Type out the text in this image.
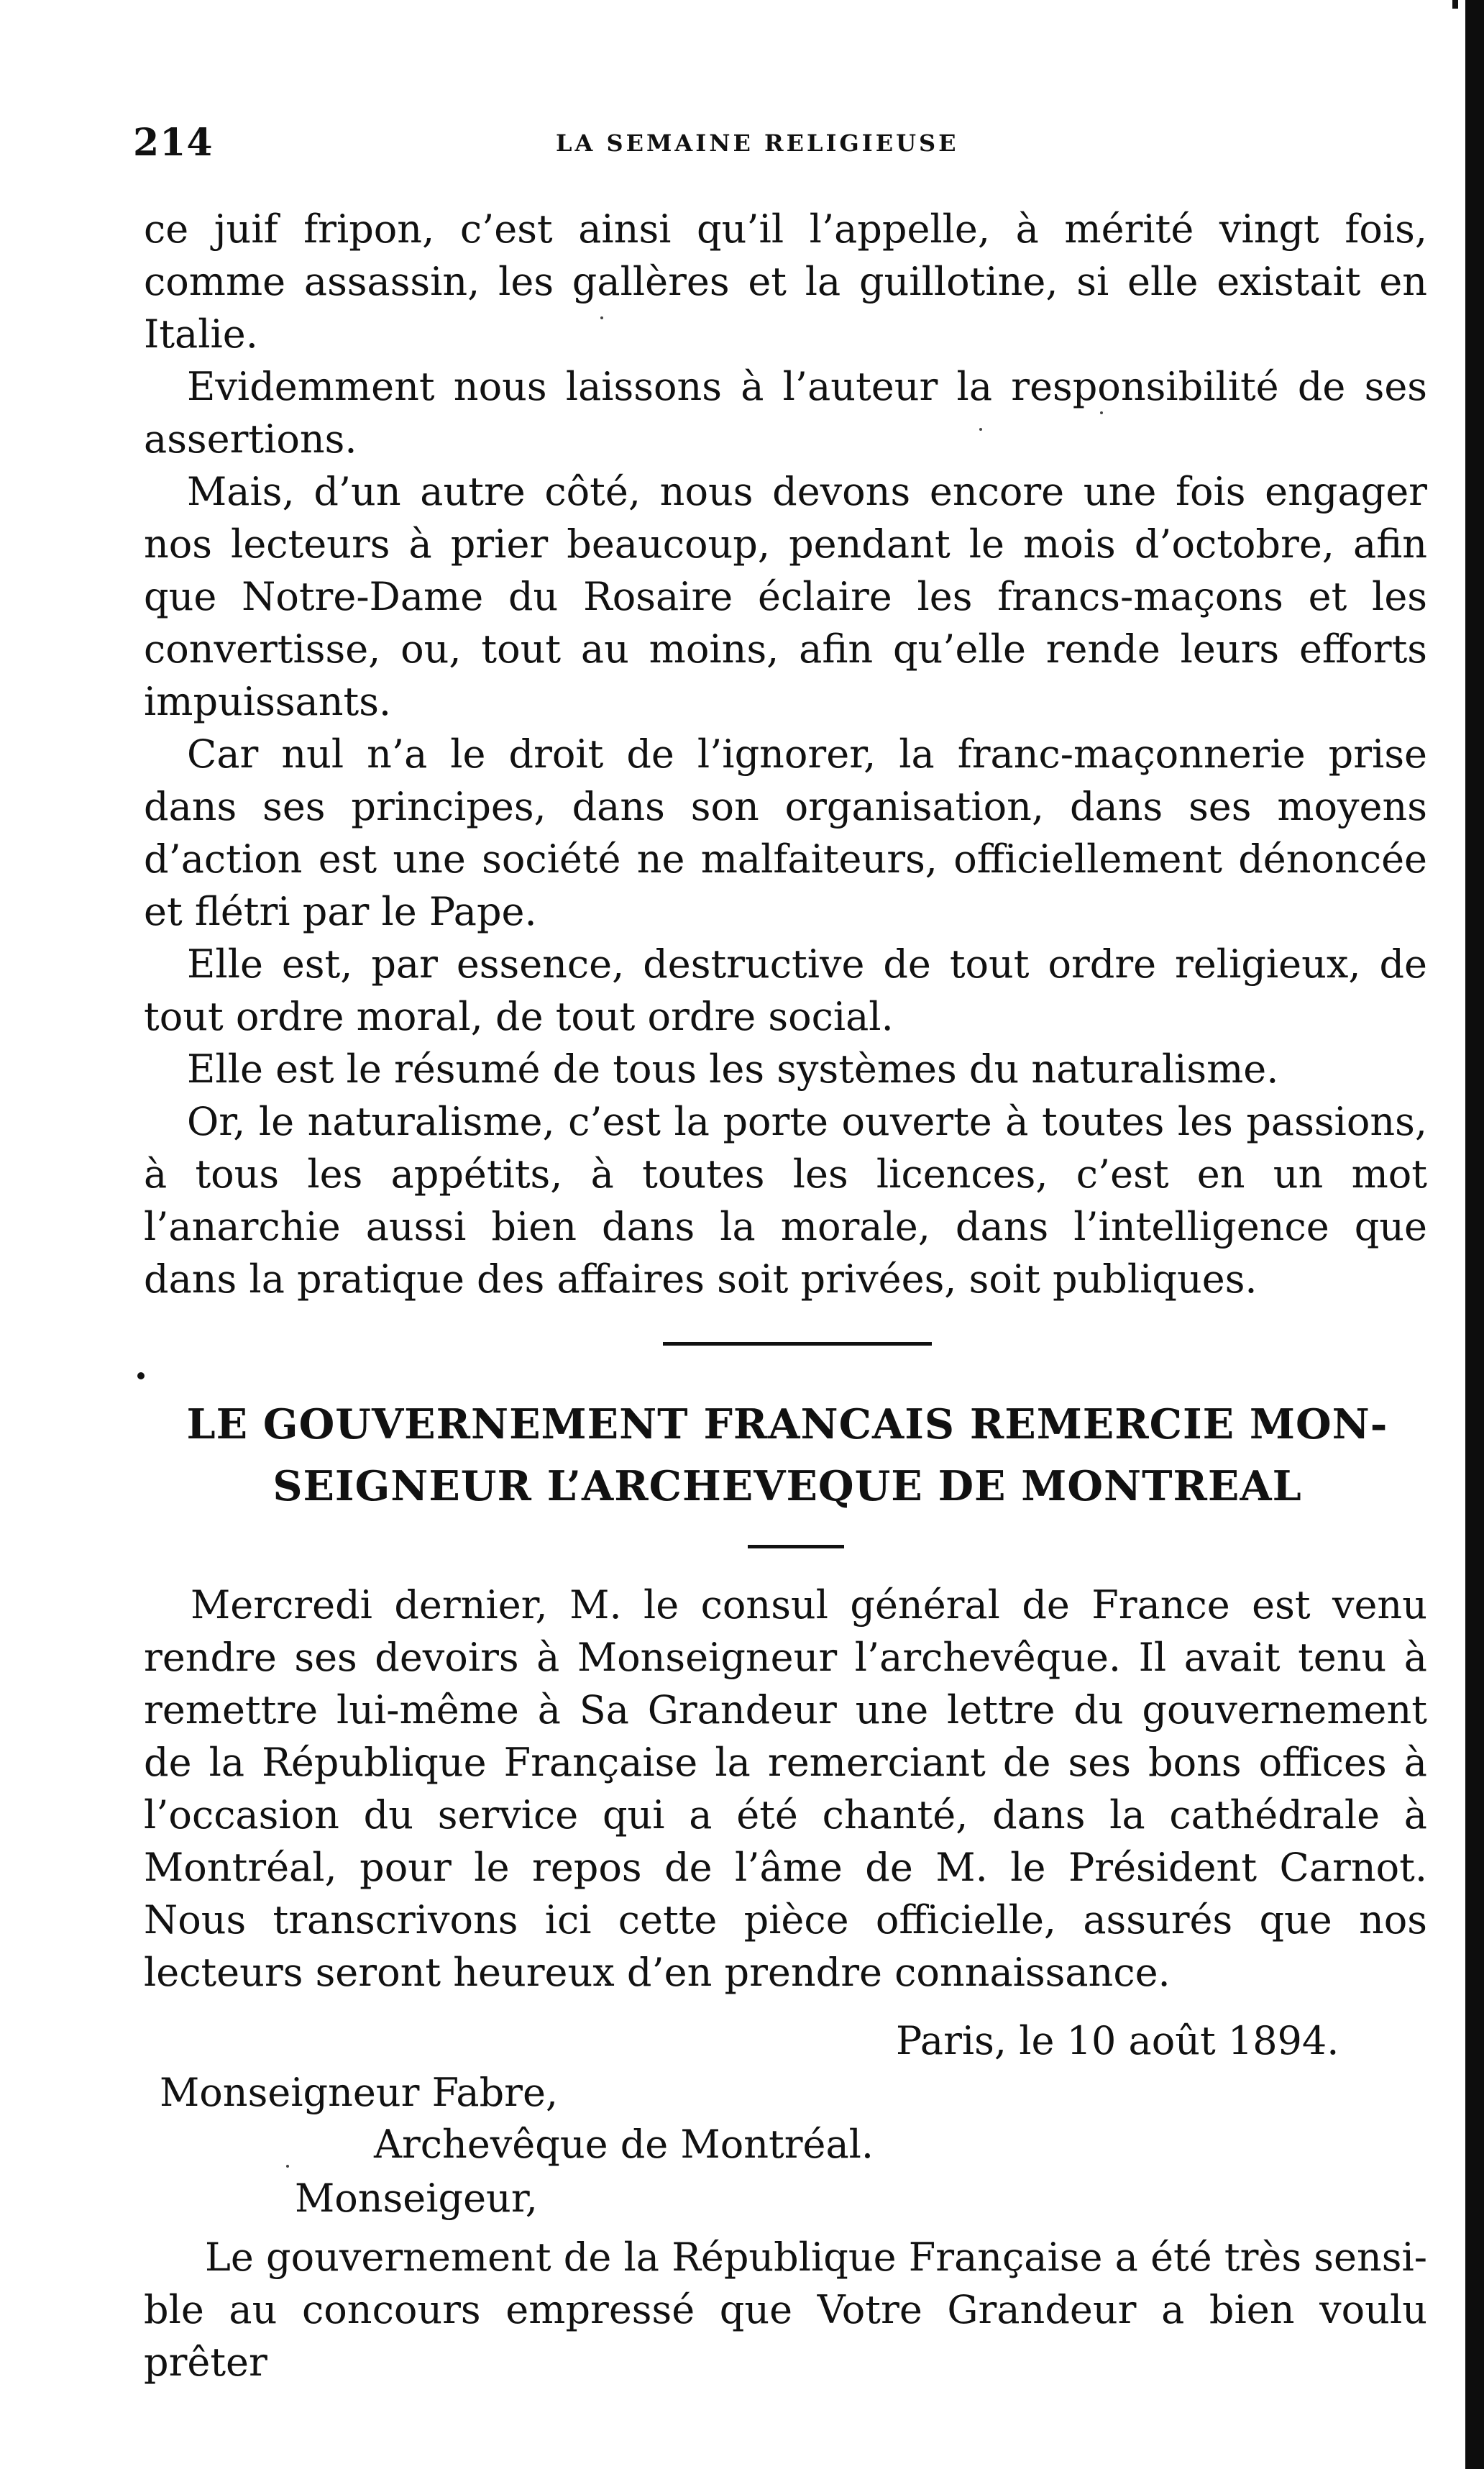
214	LA SEMAINE RELIGIEUSE

ce juif fripon, c’est ainsi qu’il l’appelle, à mérité vingt fois, comme assassin, les gallères et la guillotine, si elle existait en Italie.

Evidemment nous laissons à l’auteur la responsibilité de ses assertions.

Mais, d’un autre côté, nous devons encore une fois engager nos lecteurs à prier beaucoup, pendant le mois d’octobre, afin que Notre-Dame du Rosaire éclaire les francs-maçons et les convertisse, ou, tout au moins, afin qu’elle rende leurs efforts impuissants.

Car nul n’a le droit de l’ignorer, la franc-maçonnerie prise dans ses principes, dans son organisation, dans ses moyens d’action est une société ne malfaiteurs, officiellement dénoncée et flétri par le Pape.

Elle est, par essence, destructive de tout ordre religieux, de tout ordre moral, de tout ordre social.

Elle est le résumé de tous les systèmes du naturalisme.

Or, le naturalisme, c’est la porte ouverte à toutes les passions, à tous les appétits, à toutes les licences, c’est en un mot l’anarchie aussi bien dans la morale, dans l’intelligence que dans la pratique des affaires soit privées, soit publiques.

LE GOUVERNEMENT FRANCAIS REMERCIE MON-
SEIGNEUR L’ARCHEVEQUE DE MONTREAL

Mercredi dernier, M. le consul général de France est venu rendre ses devoirs à Monseigneur l’archevêque. Il avait tenu à remettre lui-même à Sa Grandeur une lettre du gouvernement de la République Française la remerciant de ses bons offices à l’occasion du service qui a été chanté, dans la cathédrale à Montréal, pour le repos de l’âme de M. le Président Carnot. Nous transcrivons ici cette pièce officielle, assurés que nos lecteurs seront heureux d’en prendre connaissance.

Paris, le 10 août 1894.
Monseigneur Fabre,
Archevêque de Montréal.
Monseigeur,

Le gouvernement de la République Française a été très sensi-

ble au concours empressé que Votre Grandeur a bien voulu prêter
